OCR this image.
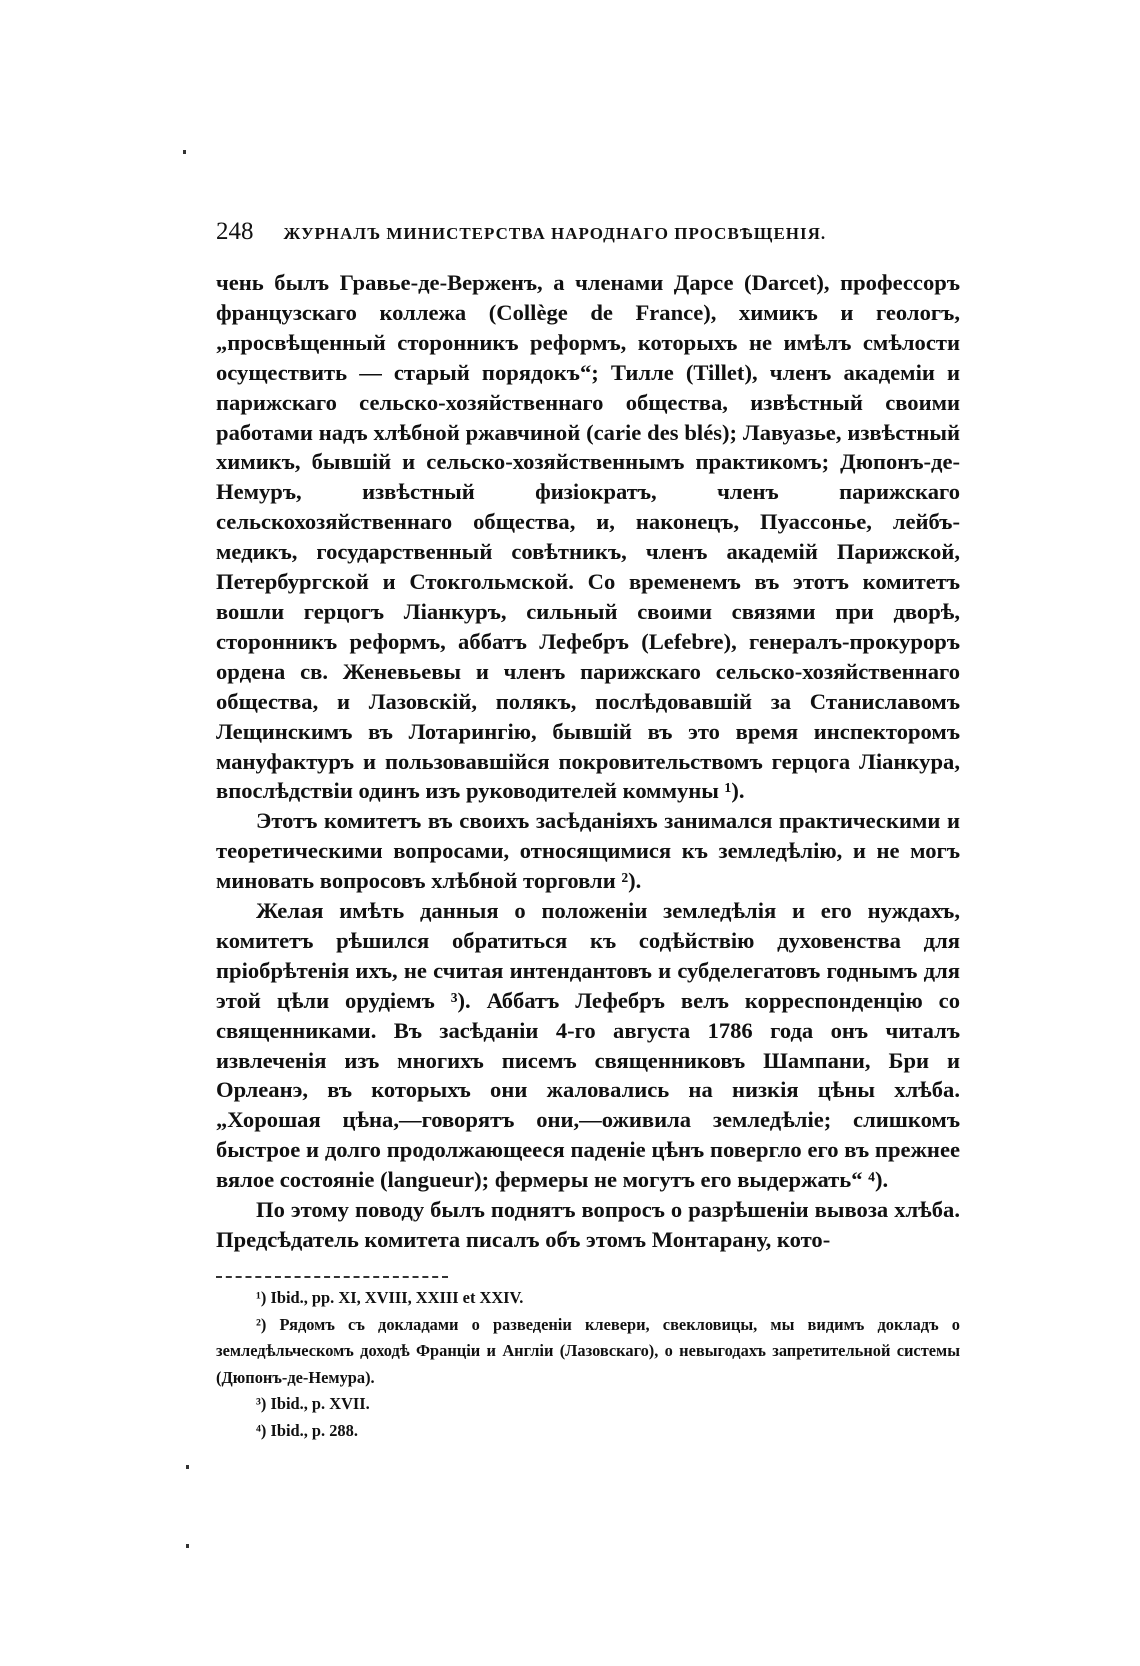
248 ЖУРНАЛЪ МИНИСТЕРСТВА НАРОДНАГО ПРОСВѢЩЕНІЯ.

чень былъ Гравье-де-Верженъ, а членами Дарсе (Darcet), профессоръ французскаго коллежа (Collège de France), химикъ и геологъ, „просвѣщенный сторонникъ реформъ, которыхъ не имѣлъ смѣлости осуществить — старый порядокъ“; Тилле (Tillet), членъ академіи и парижскаго сельско-хозяйственнаго общества, извѣстный своими работами надъ хлѣбной ржавчиной (carie des blés); Лавуазье, извѣстный химикъ, бывшій и сельско-хозяйственнымъ практикомъ; Дюпонъ-де-Немуръ, извѣстный физіократъ, членъ парижскаго сельскохозяйственнаго общества, и, наконецъ, Пуассонье, лейбъ-медикъ, государственный совѣтникъ, членъ академій Парижской, Петербургской и Стокгольмской. Со временемъ въ этотъ комитетъ вошли герцогъ Ліанкуръ, сильный своими связями при дворѣ, сторонникъ реформъ, аббатъ Лефебръ (Lefebre), генералъ-прокуроръ ордена св. Женевьевы и членъ парижскаго сельско-хозяйственнаго общества, и Лазовскій, полякъ, послѣдовавшій за Станиславомъ Лещинскимъ въ Лотарингію, бывшій въ это время инспекторомъ мануфактуръ и пользовавшійся покровительствомъ герцога Ліанкура, впослѣдствіи одинъ изъ руководителей коммуны ¹).

Этотъ комитетъ въ своихъ засѣданіяхъ занимался практическими и теоретическими вопросами, относящимися къ земледѣлію, и не могъ миновать вопросовъ хлѣбной торговли ²).

Желая имѣть данныя о положеніи земледѣлія и его нуждахъ, комитетъ рѣшился обратиться къ содѣйствію духовенства для пріобрѣтенія ихъ, не считая интендантовъ и субделегатовъ годнымъ для этой цѣли орудіемъ ³). Аббатъ Лефебръ велъ корреспонденцію со священниками. Въ засѣданіи 4-го августа 1786 года онъ читалъ извлеченія изъ многихъ писемъ священниковъ Шампани, Бри и Орлеанэ, въ которыхъ они жаловались на низкія цѣны хлѣба. „Хорошая цѣна,—говорятъ они,—оживила земледѣліе; слишкомъ быстрое и долго продолжающееся паденіе цѣнъ повергло его въ прежнее вялое состояніе (langueur); фермеры не могутъ его выдержать“ ⁴).

По этому поводу былъ поднятъ вопросъ о разрѣшеніи вывоза хлѣба. Предсѣдатель комитета писалъ объ этомъ Монтарану, кото-

¹) Ibid., pp. XI, XVIII, XXIII et XXIV.

²) Рядомъ съ докладами о разведеніи клевери, свекловицы, мы видимъ докладъ о земледѣльческомъ доходѣ Франціи и Англіи (Лазовскаго), о невыгодахъ запретительной системы (Дюпонъ-де-Немура).

³) Ibid., p. XVII.

⁴) Ibid., p. 288.
